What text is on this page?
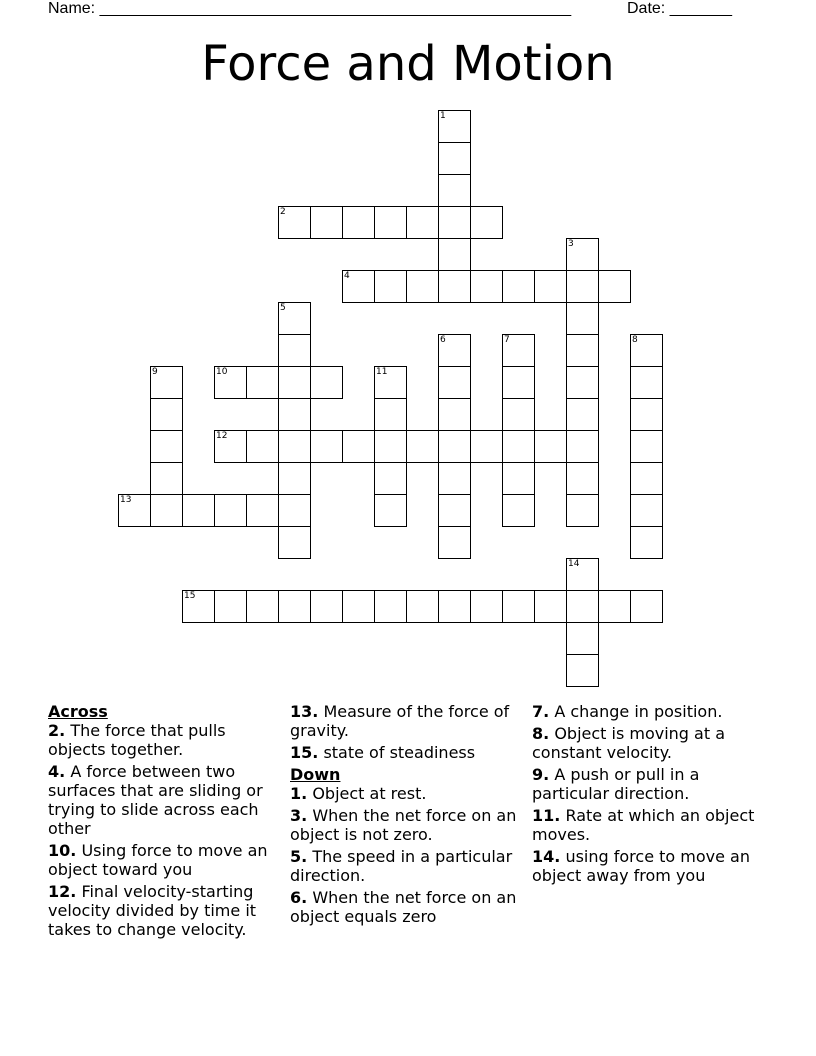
Name: _____________________________________________________	Date: _______
Force and Motion
1
2
3
4
5
6	7	8
9	10	11
12
13
14
15

Across

2. The force that pulls objects together.

4. A force between two surfaces that are sliding or trying to slide across each other

10. Using force to move an object toward you

12. Final velocity-starting velocity divided by time it takes to change velocity.

13. Measure of the force of gravity.

15. state of steadiness

Down

1. Object at rest.

3. When the net force on an object is not zero.

5. The speed in a particular direction.

6. When the net force on an object equals zero

7. A change in position.

8. Object is moving at a constant velocity.

9. A push or pull in a particular direction.

11. Rate at which an object moves.

14. using force to move an object away from you
